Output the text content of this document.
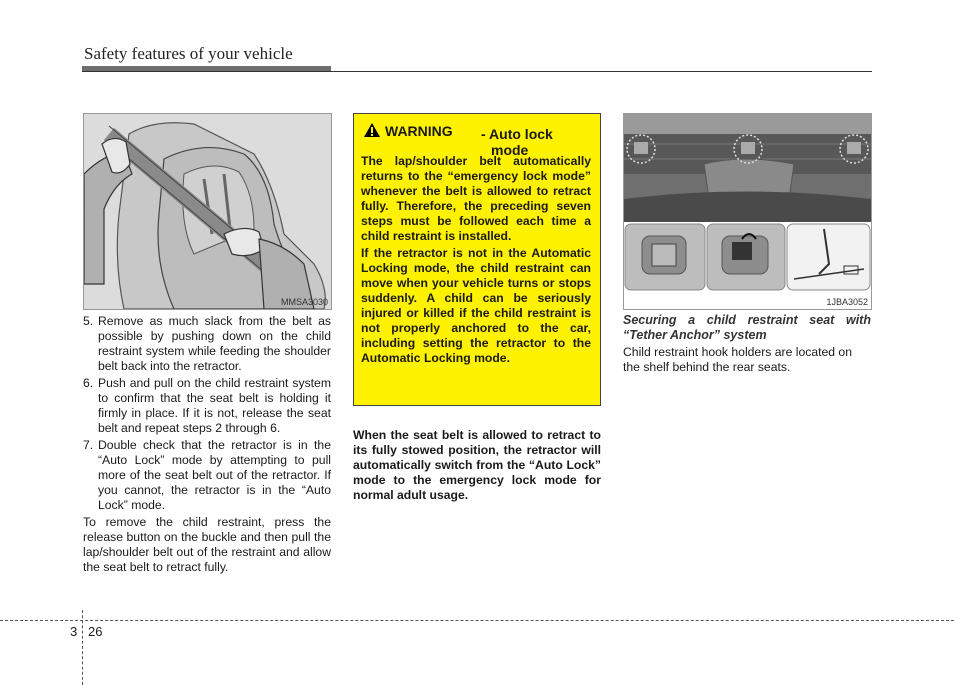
Safety features of your vehicle
MMSA3030
5. Remove as much slack from the belt as possible by pushing down on the child restraint system while feeding the shoulder belt back into the retractor.
6. Push and pull on the child restraint system to confirm that the seat belt is holding it firmly in place. If it is not, release the seat belt and repeat steps 2 through 6.
7. Double check that the retractor is in the “Auto Lock” mode by attempting to pull more of the seat belt out of the retractor. If you cannot, the retractor is in the “Auto Lock” mode.

To remove the child restraint, press the release button on the buckle and then pull the lap/shoulder belt out of the restraint and allow the seat belt to retract fully.

WARNING - Auto lock
mode

The lap/shoulder belt automatically returns to the “emergency lock mode” whenever the belt is allowed to retract fully. Therefore, the preceding seven steps must be followed each time a child restraint is installed.

If the retractor is not in the Automatic Locking mode, the child restraint can move when your vehicle turns or stops suddenly. A child can be seriously injured or killed if the child restraint is not properly anchored to the car, including setting the retractor to the Automatic Locking mode.

When the seat belt is allowed to retract to its fully stowed position, the retractor will automatically switch from the “Auto Lock” mode to the emergency lock mode for normal adult usage.

1JBA3052

Securing a child restraint seat with “Tether Anchor” system

Child restraint hook holders are located on the shelf behind the rear seats.

3 26
